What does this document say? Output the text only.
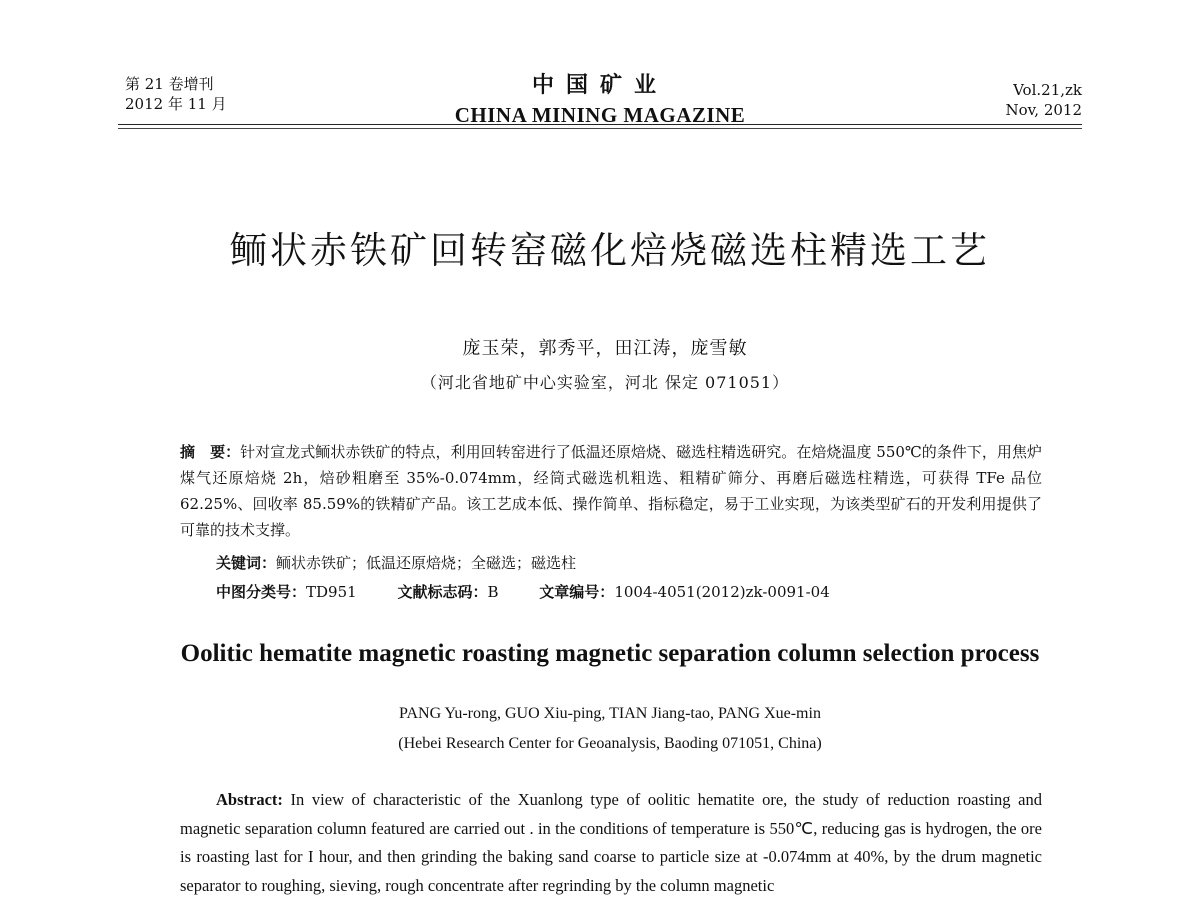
第 21 卷增刊
2012 年 11 月
中国矿业
CHINA MINING MAGAZINE
Vol.21,zk
Nov, 2012
鲕状赤铁矿回转窑磁化焙烧磁选柱精选工艺
庞玉荣，郭秀平，田江涛，庞雪敏
（河北省地矿中心实验室，河北 保定 071051）
摘　要：针对宣龙式鲕状赤铁矿的特点，利用回转窑进行了低温还原焙烧、磁选柱精选研究。在焙烧温度 550℃的条件下，用焦炉煤气还原焙烧 2h，焙砂粗磨至 35%-0.074mm，经筒式磁选机粗选、粗精矿筛分、再磨后磁选柱精选，可获得 TFe 品位 62.25%、回收率 85.59%的铁精矿产品。该工艺成本低、操作简单、指标稳定，易于工业实现，为该类型矿石的开发利用提供了可靠的技术支撑。
关键词：鲕状赤铁矿；低温还原焙烧；全磁选；磁选柱
中图分类号：TD951	文献标志码：B	文章编号：1004-4051(2012)zk-0091-04
Oolitic hematite magnetic roasting magnetic separation column selection process
PANG Yu-rong, GUO Xiu-ping, TIAN Jiang-tao, PANG Xue-min
(Hebei Research Center for Geoanalysis, Baoding 071051, China)
Abstract: In view of characteristic of the Xuanlong type of oolitic hematite ore, the study of reduction roasting and magnetic separation column featured are carried out . in the conditions of temperature is 550℃, reducing gas is hydrogen, the ore is roasting last for I hour, and then grinding the baking sand coarse to particle size at -0.074mm at 40%, by the drum magnetic separator to roughing, sieving, rough concentrate after regrinding by the column magnetic
